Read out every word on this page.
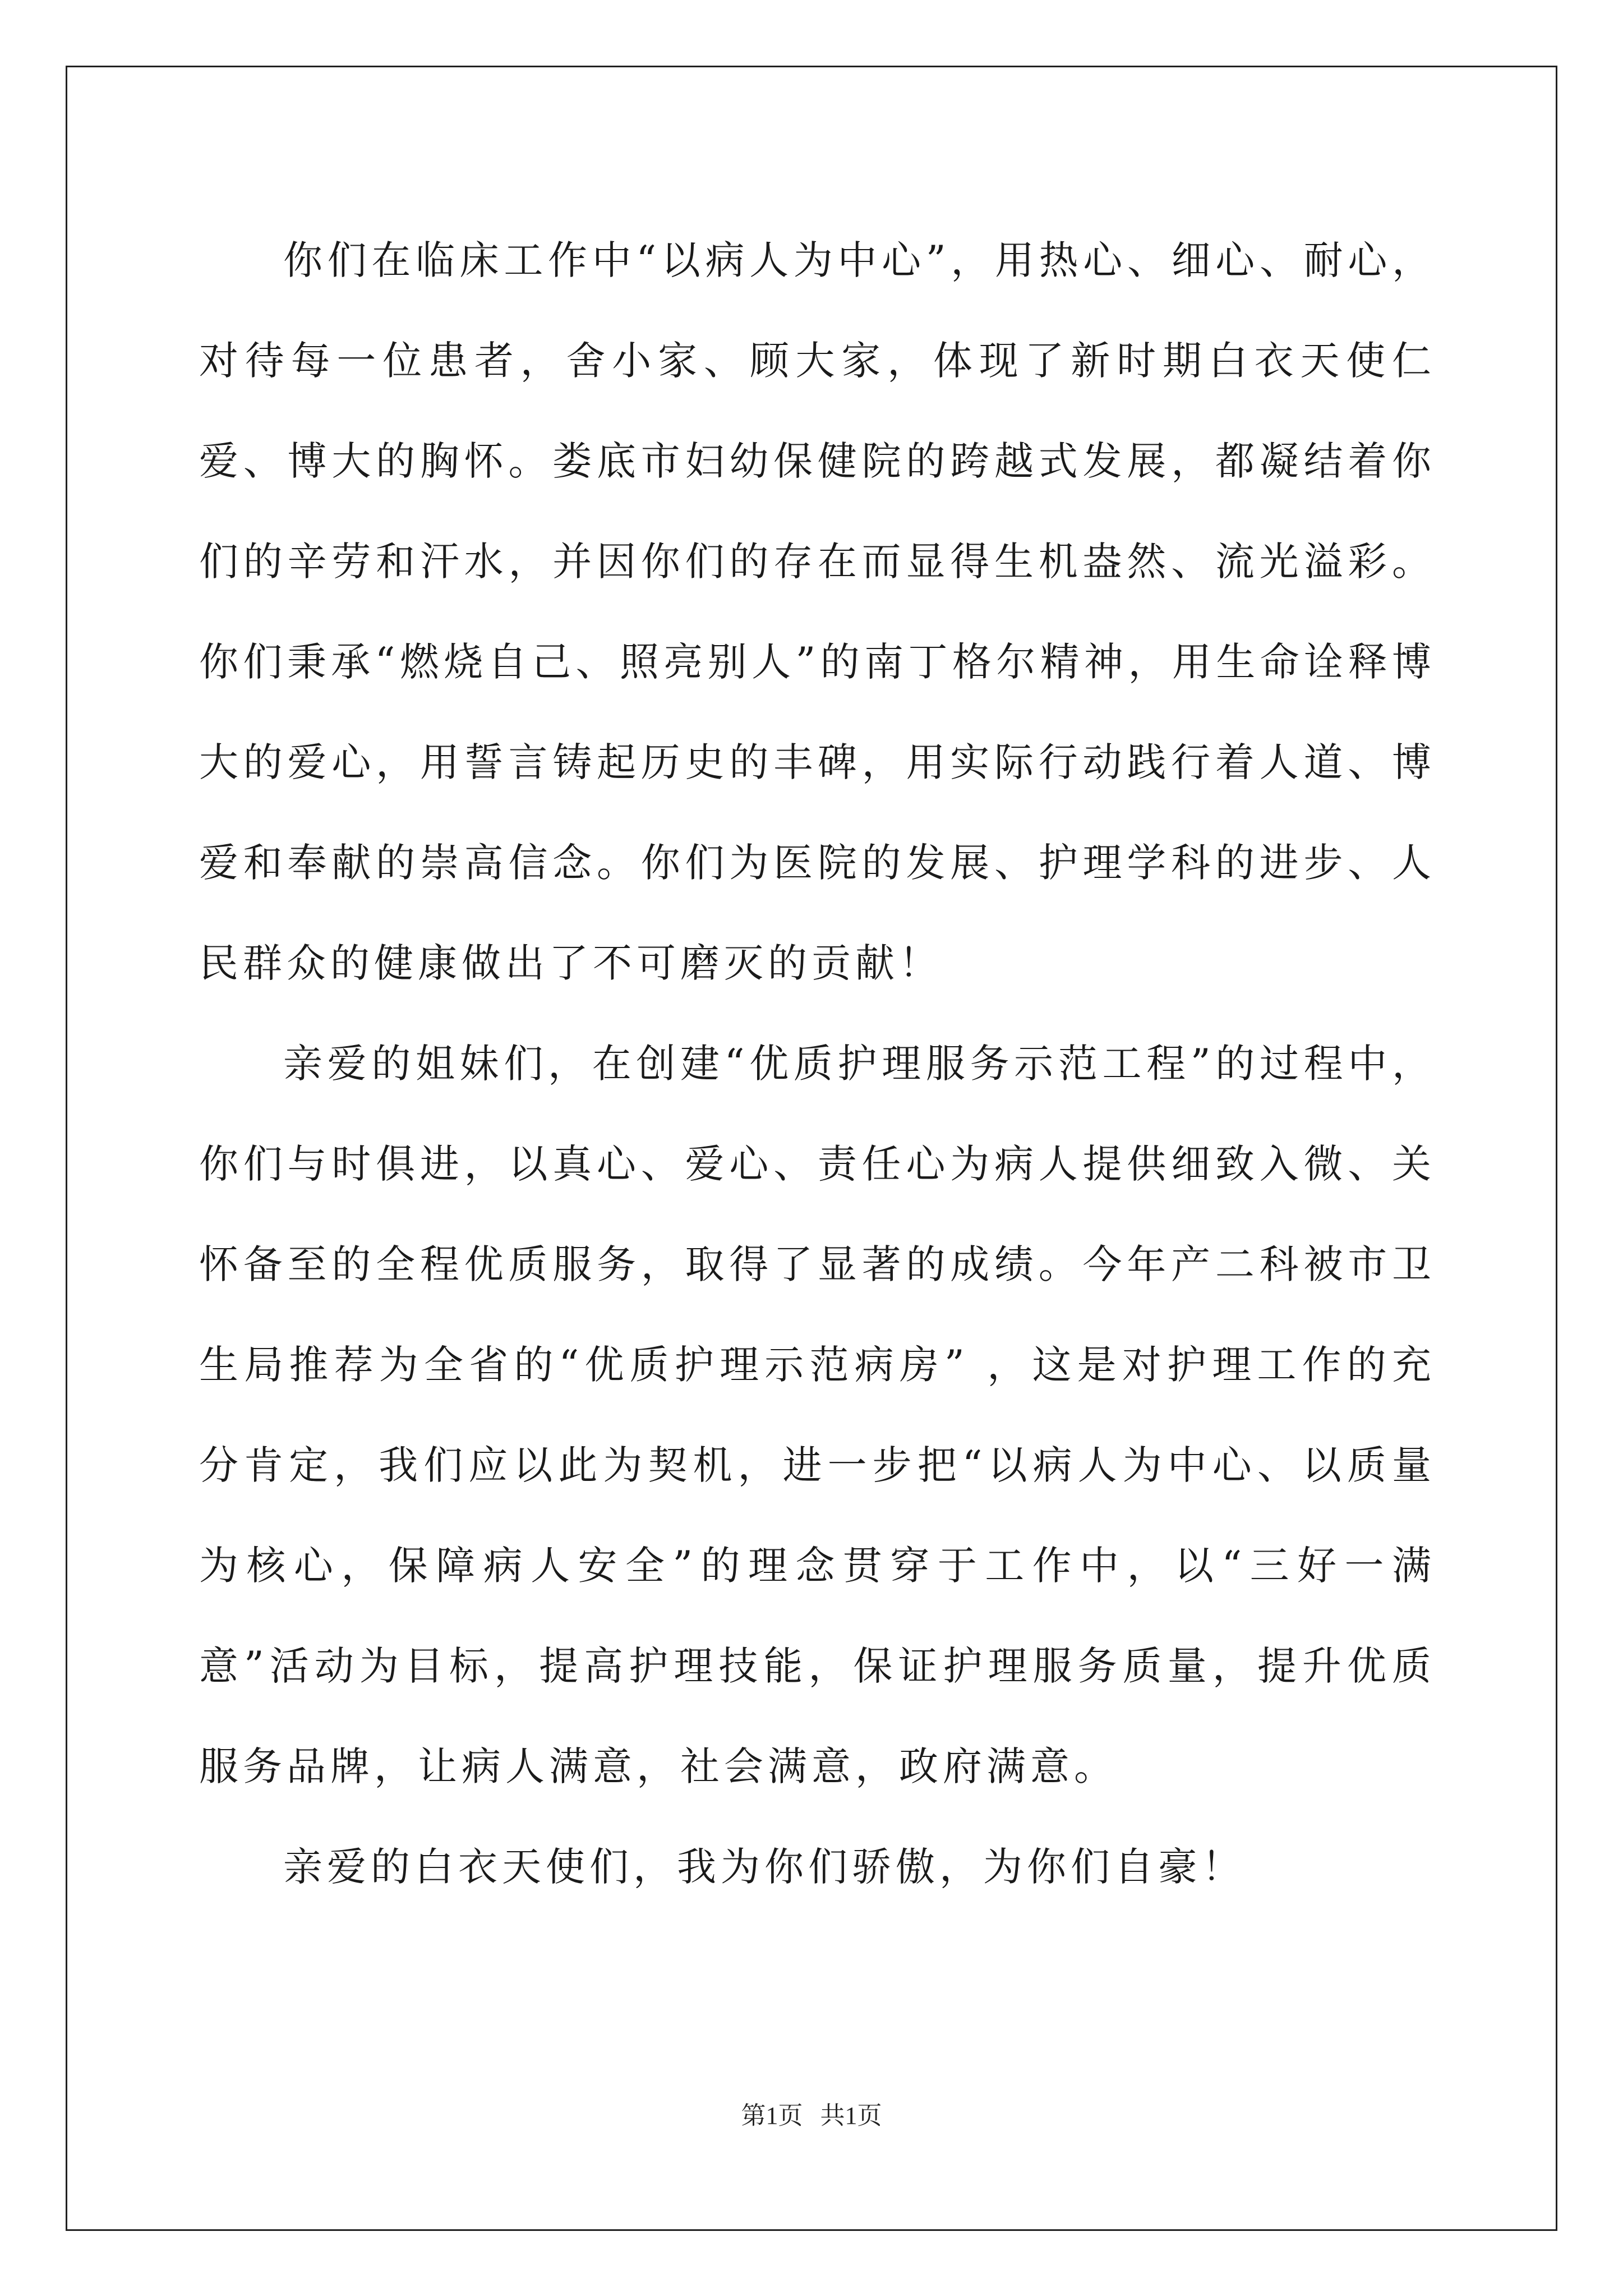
你们在临床工作中“以病人为中心”，用热心、细心、耐心，对待每一位患者，舍小家、顾大家，体现了新时期白衣天使仁爱、博大的胸怀。娄底市妇幼保健院的跨越式发展，都凝结着你们的辛劳和汗水，并因你们的存在而显得生机盎然、流光溢彩。你们秉承“燃烧自己、照亮别人”的南丁格尔精神，用生命诠释博大的爱心，用誓言铸起历史的丰碑，用实际行动践行着人道、博爱和奉献的崇高信念。你们为医院的发展、护理学科的进步、人民群众的健康做出了不可磨灭的贡献！

亲爱的姐妹们，在创建“优质护理服务示范工程”的过程中，你们与时俱进，以真心、爱心、责任心为病人提供细致入微、关怀备至的全程优质服务，取得了显著的成绩。今年产二科被市卫生局推荐为全省的“优质护理示范病房” ，这是对护理工作的充分肯定，我们应以此为契机，进一步把“以病人为中心、以质量为核心，保障病人安全”的理念贯穿于工作中，以“三好一满意”活动为目标，提高护理技能，保证护理服务质量，提升优质服务品牌，让病人满意，社会满意，政府满意。

亲爱的白衣天使们，我为你们骄傲，为你们自豪！

第1页 共1页
